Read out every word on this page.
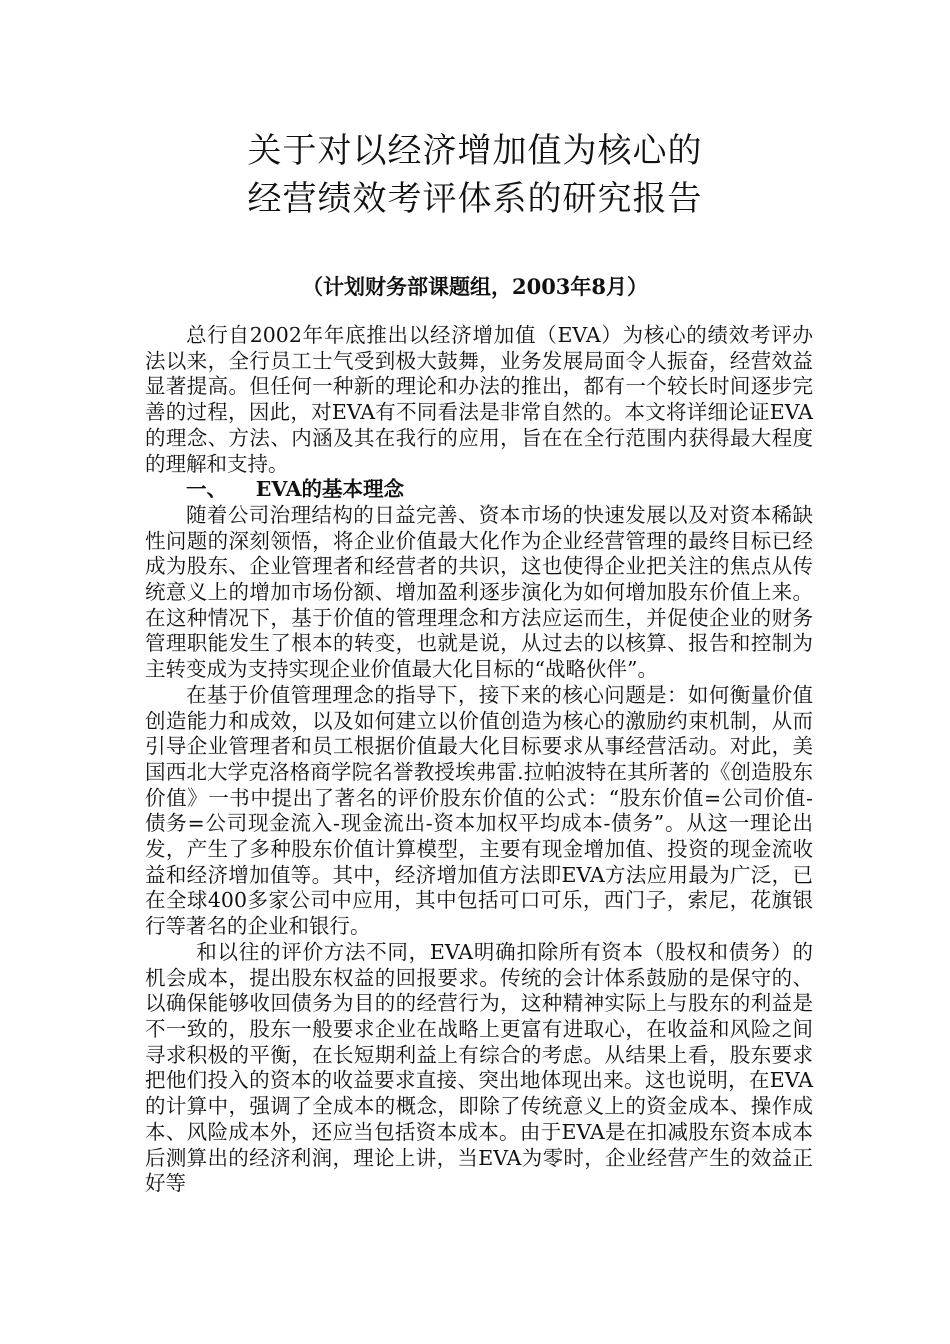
关于对以经济增加值为核心的
经营绩效考评体系的研究报告
（计划财务部课题组，2003年8月）

总行自2002年年底推出以经济增加值（EVA）为核心的绩效考评办法以来，全行员工士气受到极大鼓舞，业务发展局面令人振奋，经营效益显著提高。但任何一种新的理论和办法的推出，都有一个较长时间逐步完善的过程，因此，对EVA有不同看法是非常自然的。本文将详细论证EVA的理念、方法、内涵及其在我行的应用，旨在在全行范围内获得最大程度的理解和支持。

一、 EVA的基本理念

随着公司治理结构的日益完善、资本市场的快速发展以及对资本稀缺性问题的深刻领悟，将企业价值最大化作为企业经营管理的最终目标已经成为股东、企业管理者和经营者的共识，这也使得企业把关注的焦点从传统意义上的增加市场份额、增加盈利逐步演化为如何增加股东价值上来。在这种情况下，基于价值的管理理念和方法应运而生，并促使企业的财务管理职能发生了根本的转变，也就是说，从过去的以核算、报告和控制为主转变成为支持实现企业价值最大化目标的“战略伙伴”。

在基于价值管理理念的指导下，接下来的核心问题是：如何衡量价值创造能力和成效，以及如何建立以价值创造为核心的激励约束机制，从而引导企业管理者和员工根据价值最大化目标要求从事经营活动。对此，美国西北大学克洛格商学院名誉教授埃弗雷.拉帕波特在其所著的《创造股东价值》一书中提出了著名的评价股东价值的公式：“股东价值=公司价值-债务=公司现金流入-现金流出-资本加权平均成本-债务”。从这一理论出发，产生了多种股东价值计算模型，主要有现金增加值、投资的现金流收益和经济增加值等。其中，经济增加值方法即EVA方法应用最为广泛，已在全球400多家公司中应用，其中包括可口可乐，西门子，索尼，花旗银行等著名的企业和银行。

和以往的评价方法不同，EVA明确扣除所有资本（股权和债务）的机会成本，提出股东权益的回报要求。传统的会计体系鼓励的是保守的、以确保能够收回债务为目的的经营行为，这种精神实际上与股东的利益是不一致的，股东一般要求企业在战略上更富有进取心，在收益和风险之间寻求积极的平衡，在长短期利益上有综合的考虑。从结果上看，股东要求把他们投入的资本的收益要求直接、突出地体现出来。这也说明，在EVA的计算中，强调了全成本的概念，即除了传统意义上的资金成本、操作成本、风险成本外，还应当包括资本成本。由于EVA是在扣减股东资本成本后测算出的经济利润，理论上讲，当EVA为零时，企业经营产生的效益正好等
